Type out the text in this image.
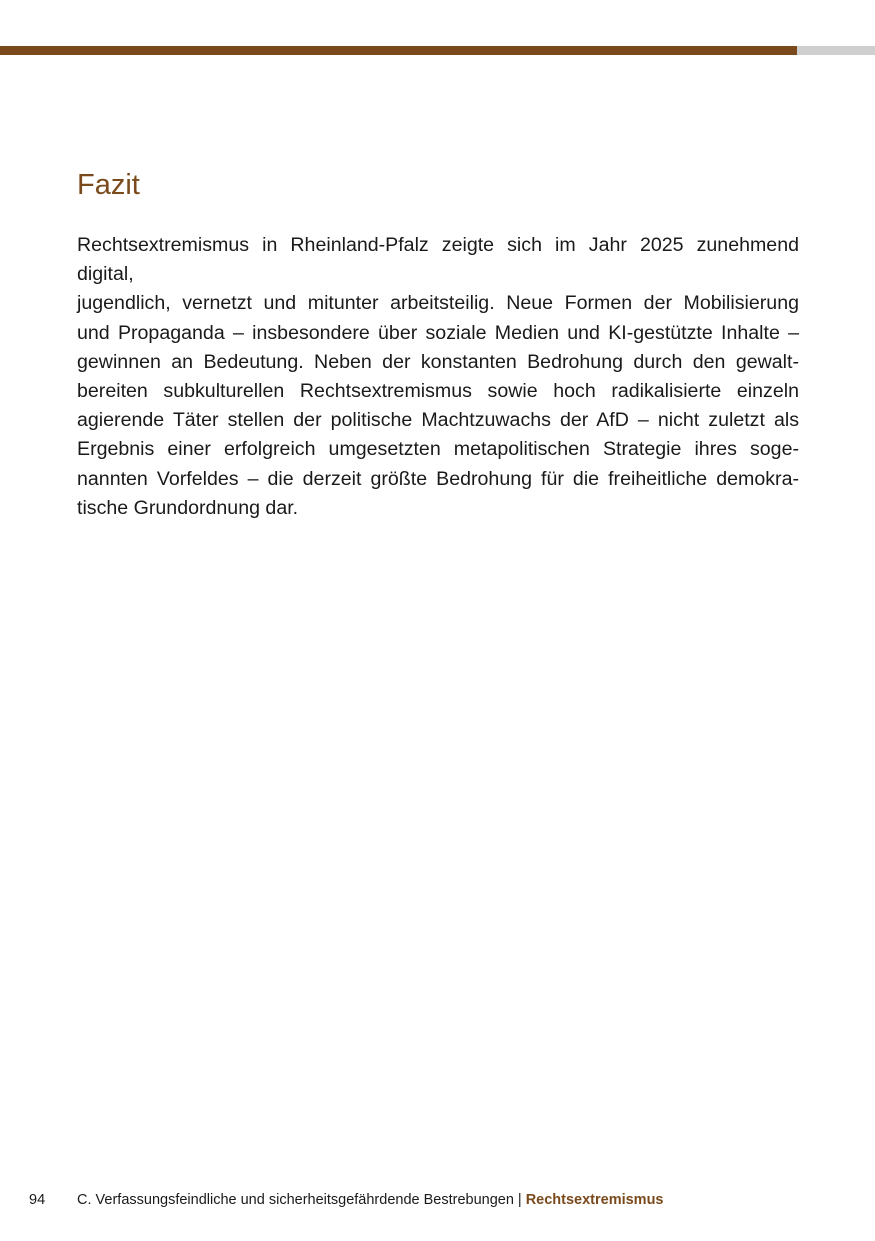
Fazit

Rechtsextremismus in Rheinland-Pfalz zeigte sich im Jahr 2025 zunehmend digital,
jugendlich, vernetzt und mitunter arbeitsteilig. Neue Formen der Mobilisierung
und Propaganda – insbesondere über soziale Medien und KI-gestützte Inhalte –
gewinnen an Bedeutung. Neben der konstanten Bedrohung durch den gewalt-
bereiten subkulturellen Rechtsextremismus sowie hoch radikalisierte einzeln
agierende Täter stellen der politische Machtzuwachs der AfD – nicht zuletzt als
Ergebnis einer erfolgreich umgesetzten metapolitischen Strategie ihres soge-
nannten Vorfeldes – die derzeit größte Bedrohung für die freiheitliche demokra-
tische Grundordnung dar.

94 C. Verfassungsfeindliche und sicherheitsgefährdende Bestrebungen | Rechtsextremismus
